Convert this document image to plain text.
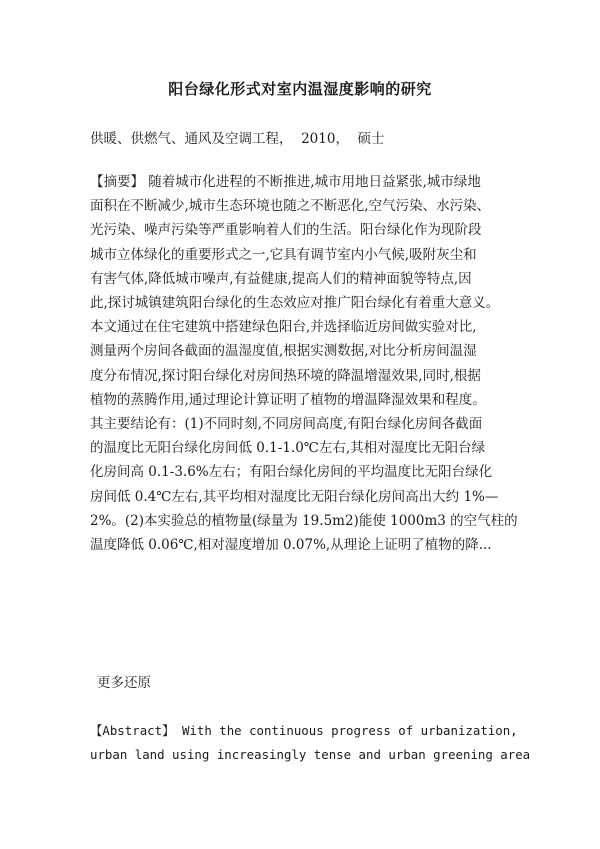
阳台绿化形式对室内温湿度影响的研究
供暖、供燃气、通风及空调工程， 2010， 硕士
【摘要】 随着城市化进程的不断推进,城市用地日益紧张,城市绿地
面积在不断减少,城市生态环境也随之不断恶化,空气污染、水污染、
光污染、噪声污染等严重影响着人们的生活。阳台绿化作为现阶段
城市立体绿化的重要形式之一,它具有调节室内小气候,吸附灰尘和
有害气体,降低城市噪声,有益健康,提高人们的精神面貌等特点,因
此,探讨城镇建筑阳台绿化的生态效应对推广阳台绿化有着重大意义。
本文通过在住宅建筑中搭建绿色阳台,并选择临近房间做实验对比,
测量两个房间各截面的温湿度值,根据实测数据,对比分析房间温湿
度分布情况,探讨阳台绿化对房间热环境的降温增湿效果,同时,根据
植物的蒸腾作用,通过理论计算证明了植物的增温降湿效果和程度。
其主要结论有：(1)不同时刻,不同房间高度,有阳台绿化房间各截面
的温度比无阳台绿化房间低 0.1-1.0℃左右,其相对湿度比无阳台绿
化房间高 0.1-3.6%左右；有阳台绿化房间的平均温度比无阳台绿化
房间低 0.4℃左右,其平均相对湿度比无阳台绿化房间高出大约 1%—
2%。(2)本实验总的植物量(绿量为 19.5m2)能使 1000m3 的空气柱的
温度降低 0.06℃,相对湿度增加 0.07%,从理论上证明了植物的降...
更多还原
【Abstract】 With the continuous progress of urbanization,
urban land using increasingly tense and urban greening area
